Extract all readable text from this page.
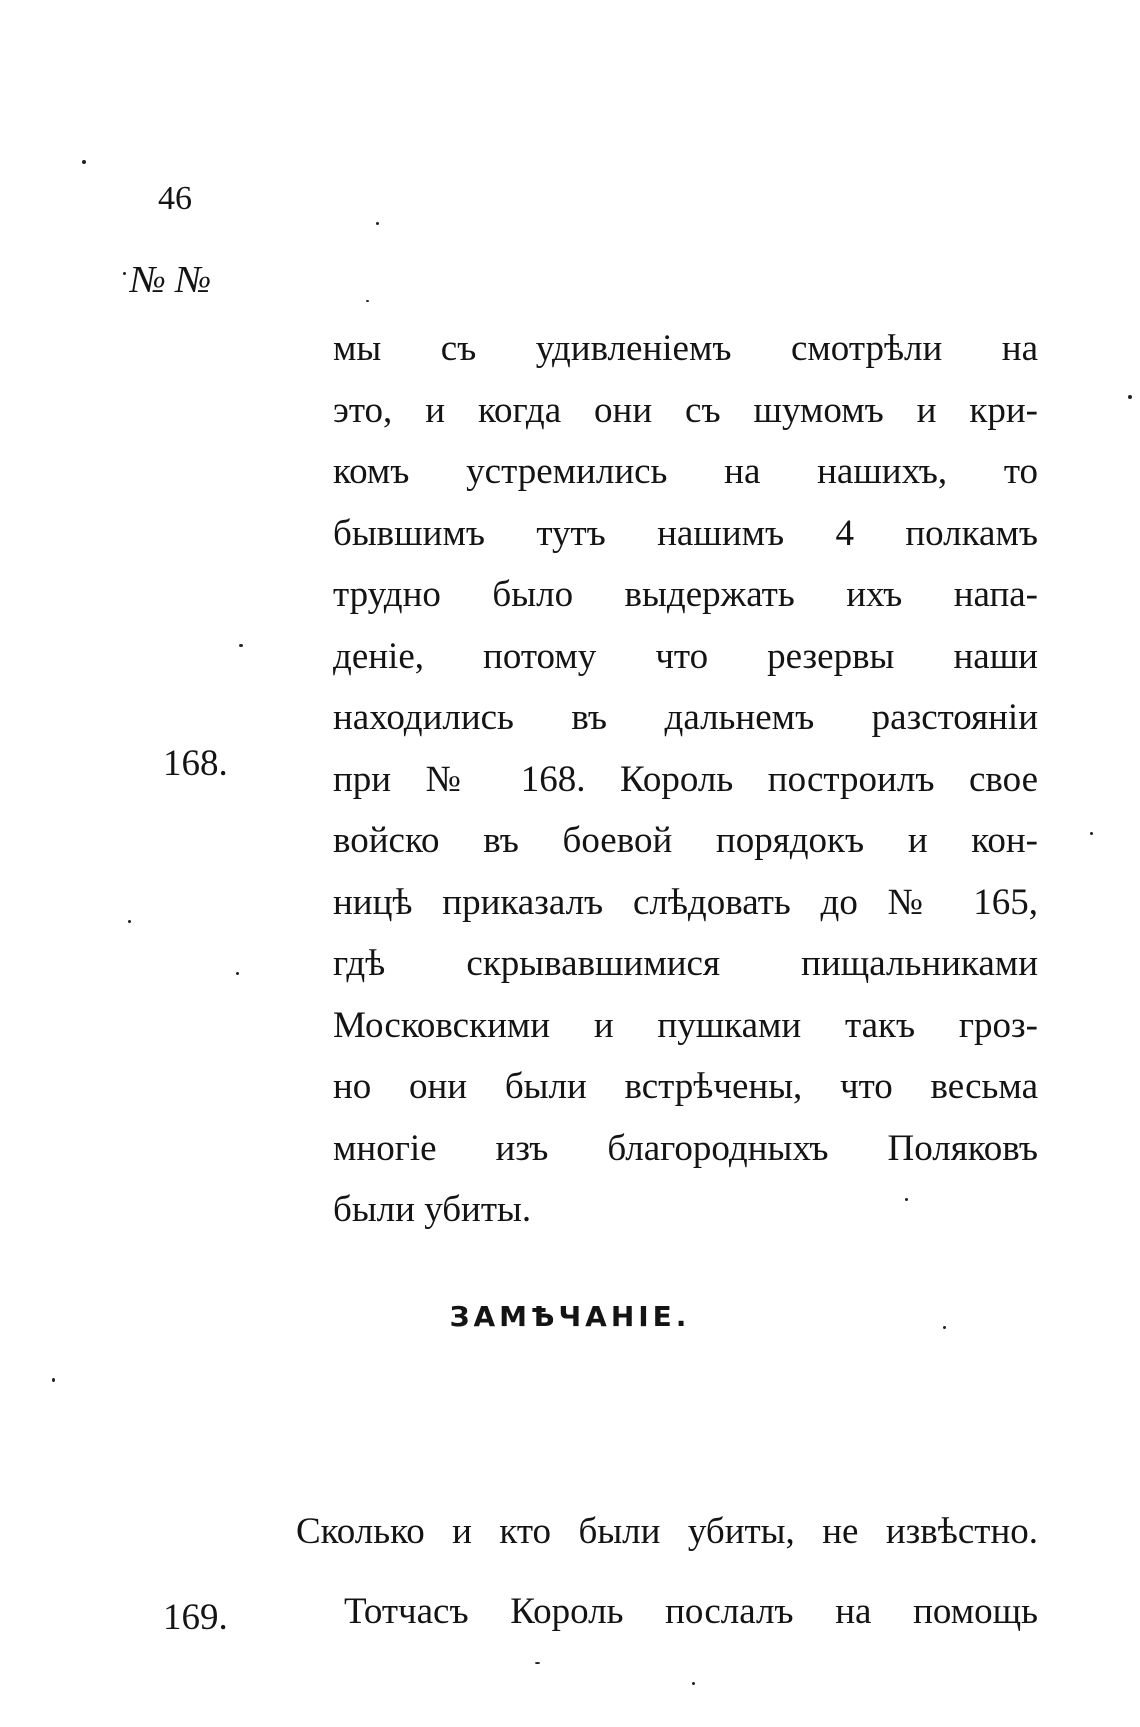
46
№ №
168.
мы съ удивленіемъ смотрѣли на
это, и когда они съ шумомъ и кри-
комъ устремились на нашихъ, то
бывшимъ тутъ нашимъ 4 полкамъ
трудно было выдержать ихъ напа-
деніе, потому что резервы наши
находились въ дальнемъ разстояніи
при № 168. Король построилъ свое
войско въ боевой порядокъ и кон-
ницѣ приказалъ слѣдовать до № 165,
гдѣ скрывавшимися пищальниками
Московскими и пушками такъ гроз-
но они были встрѣчены, что весьма
многіе изъ благородныхъ Поляковъ
были убиты.
ЗАМѢЧАНІЕ.
Сколько и кто были убиты, не извѣстно.
169.	Тотчасъ Король послалъ на помощь
